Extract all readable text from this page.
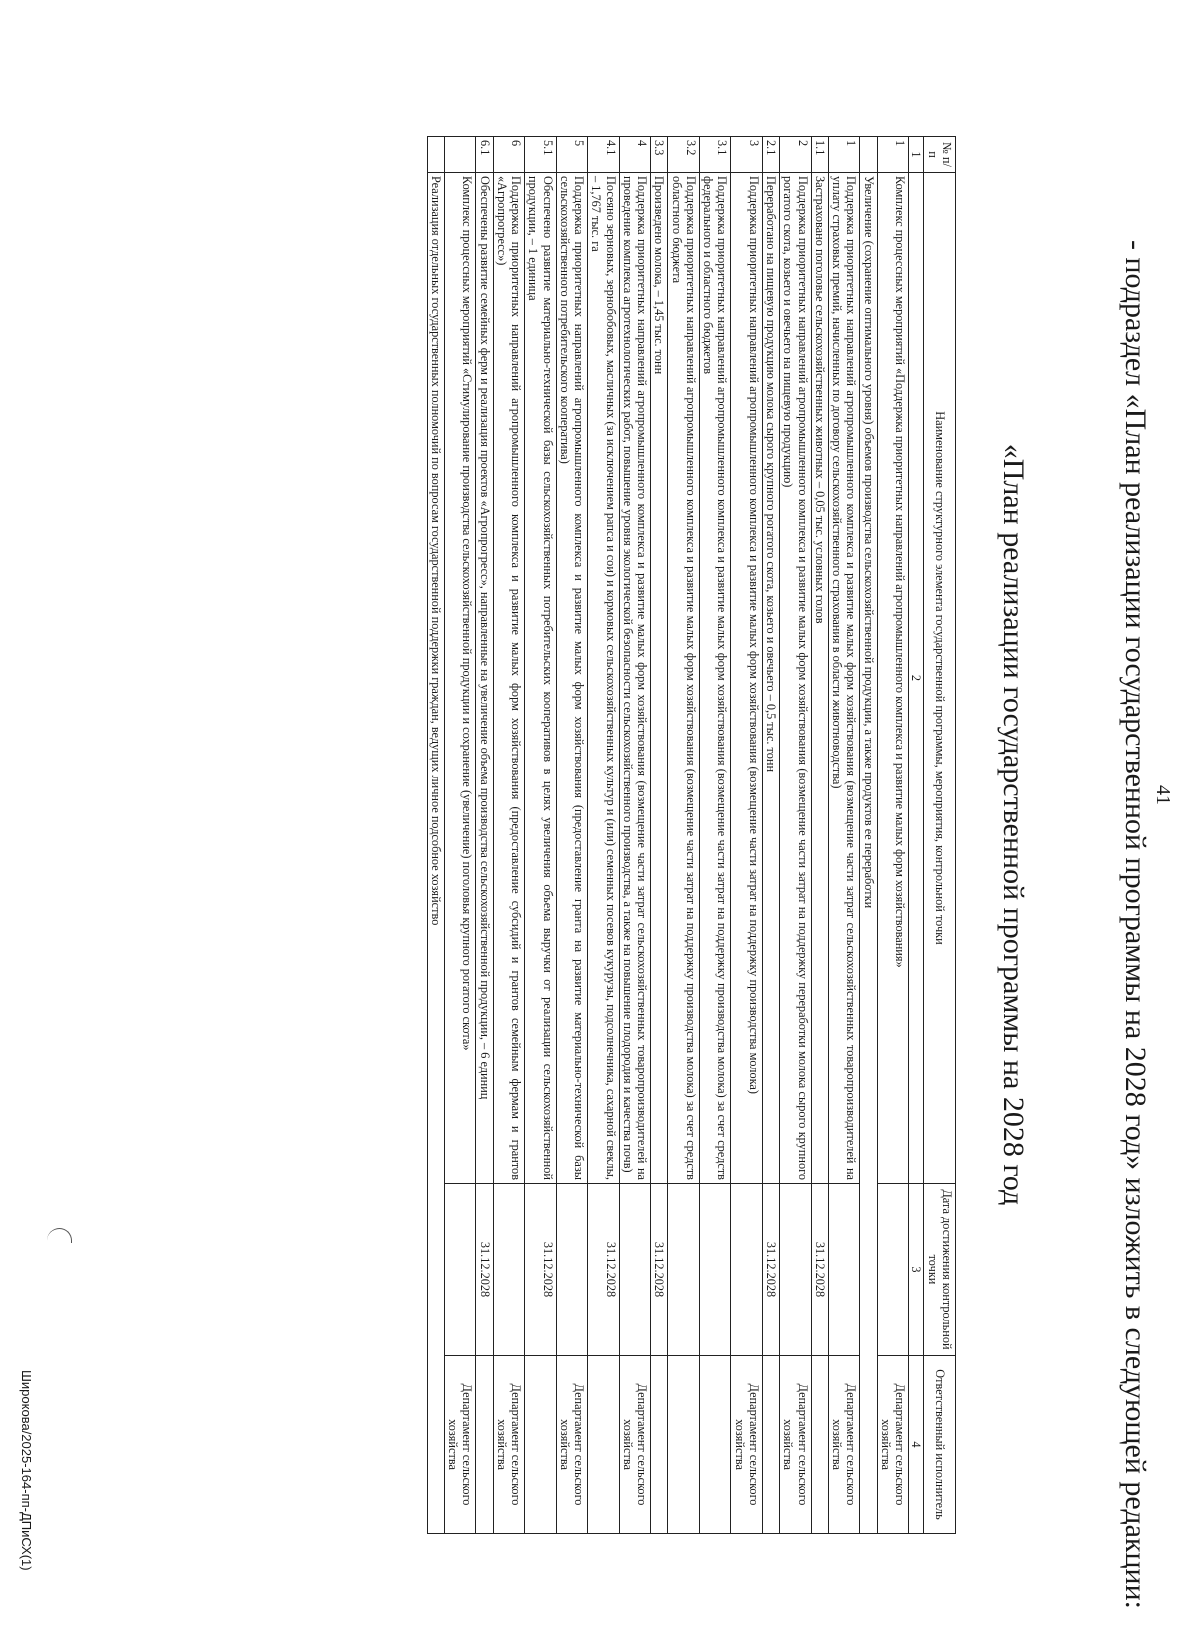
41
- подраздел «План реализации государственной программы на 2028 год» изложить в следующей редакции:
«План реализации государственной программы на 2028 год
№ п/п	Наименование структурного элемента государственной программы, мероприятия, контрольной точки	Дата достижения контрольной точки	Ответственный исполнитель
1	2	3	4
1	Комплекс процессных мероприятий «Поддержка приоритетных направлений агропромышленного комплекса и развитие малых форм хозяйствования»		Департамент сельского хозяйства
	Увеличение (сохранение оптимального уровня) объемов производства сельскохозяйственной продукции, а также продуктов ее переработки		
1	Поддержка приоритетных направлений агропромышленного комплекса и развитие малых форм хозяйствования (возмещение части затрат сельскохозяйственных товаропроизводителей на уплату страховых премий, начисленных по договору сельскохозяйственного страхования в области животноводства)		Департамент сельского хозяйства
1.1	Застраховано поголовье сельскохозяйственных животных – 0,05 тыс. условных голов	31.12.2028	
2	Поддержка приоритетных направлений агропромышленного комплекса и развитие малых форм хозяйствования (возмещение части затрат на поддержку переработки молока сырого крупного рогатого скота, козьего и овечьего на пищевую продукцию)		Департамент сельского хозяйства
2.1	Переработано на пищевую продукцию молока сырого крупного рогатого скота, козьего и овечьего – 0,5 тыс. тонн	31.12.2028	
3	Поддержка приоритетных направлений агропромышленного комплекса и развитие малых форм хозяйствования (возмещение части затрат на поддержку производства молока)		Департамент сельского хозяйства
3.1	Поддержка приоритетных направлений агропромышленного комплекса и развитие малых форм хозяйствования (возмещение части затрат на поддержку производства молока) за счет средств федерального и областного бюджетов		
3.2	Поддержка приоритетных направлений агропромышленного комплекса и развитие малых форм хозяйствования (возмещение части затрат на поддержку производства молока) за счет средств областного бюджета		
3.3	Произведено молока, – 1,45 тыс. тонн	31.12.2028	
4	Поддержка приоритетных направлений агропромышленного комплекса и развитие малых форм хозяйствования (возмещение части затрат сельскохозяйственных товаропроизводителей на проведение комплекса агротехнологических работ, повышение уровня экологической безопасности сельскохозяйственного производства, а также на повышение плодородия и качества почв)		Департамент сельского хозяйства
4.1	Посеяно зерновых, зернобобовых, масличных (за исключением рапса и сои) и кормовых сельскохозяйственных культур и (или) семенных посевов кукурузы, подсолнечника, сахарной свеклы, – 1,767 тыс. га	31.12.2028	
5	Поддержка приоритетных направлений агропромышленного комплекса и развитие малых форм хозяйствования (предоставление гранта на развитие материально-технической базы сельскохозяйственного потребительского кооператива)		Департамент сельского хозяйства
5.1	Обеспечено развитие материально-технической базы сельскохозяйственных потребительских кооперативов в целях увеличения объема выручки от реализации сельскохозяйственной продукции, – 1 единица	31.12.2028	
6	Поддержка приоритетных направлений агропромышленного комплекса и развитие малых форм хозяйствования (предоставление субсидий и грантов семейным фермам и грантов «Агропрогресс»)		Департамент сельского хозяйства
6.1	Обеспечены развитие семейных ферм и реализация проектов «Агропрогресс», направленные на увеличение объема производства сельскохозяйственной продукции, – 6 единиц	31.12.2028	
	Комплекс процессных мероприятий «Стимулирование производства сельскохозяйственной продукции и сохранение (увеличение) поголовья крупного рогатого скота»		Департамент сельского хозяйства
	Реализация отдельных государственных полномочий по вопросам государственной поддержки граждан, ведущих личное подсобное хозяйство		
Широкова/2025-164-пп-ДПиСХ(1)
